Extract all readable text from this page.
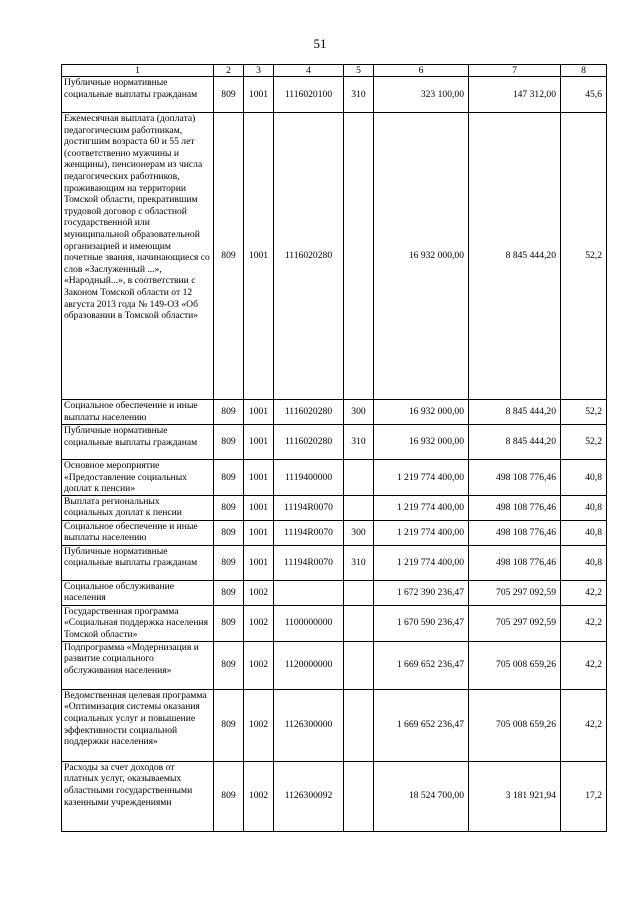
51
1	2	3	4	5	6	7	8
Публичные нормативные социальные выплаты гражданам	809	1001	1116020100	310	323 100,00	147 312,00	45,6
Ежемесячная выплата (доплата) педагогическим работникам, достигшим возраста 60 и 55 лет (соответственно мужчины и женщины), пенсионерам из числа педагогических работников, проживающим на территории Томской области, прекратившим трудовой договор с областной государственной или муниципальной образовательной организацией и имеющим почетные звания, начинающиеся со слов «Заслуженный ...», «Народный...», в соответствии с Законом Томской области от 12 августа 2013 года № 149-ОЗ «Об образовании в Томской области»	809	1001	1116020280		16 932 000,00	8 845 444,20	52,2
Социальное обеспечение и иные выплаты населению	809	1001	1116020280	300	16 932 000,00	8 845 444,20	52,2
Публичные нормативные социальные выплаты гражданам	809	1001	1116020280	310	16 932 000,00	8 845 444,20	52,2
Основное мероприятие «Предоставление социальных доплат к пенсии»	809	1001	1119400000		1 219 774 400,00	498 108 776,46	40,8
Выплата региональных социальных доплат к пенсии	809	1001	11194R0070		1 219 774 400,00	498 108 776,46	40,8
Социальное обеспечение и иные выплаты населению	809	1001	11194R0070	300	1 219 774 400,00	498 108 776,46	40,8
Публичные нормативные социальные выплаты гражданам	809	1001	11194R0070	310	1 219 774 400,00	498 108 776,46	40,8
Социальное обслуживание населения	809	1002			1 672 390 236,47	705 297 092,59	42,2
Государственная программа «Социальная поддержка населения Томской области»	809	1002	1100000000		1 670 590 236,47	705 297 092,59	42,2
Подпрограмма «Модернизация и развитие социального обслуживания населения»	809	1002	1120000000		1 669 652 236,47	705 008 659,26	42,2
Ведомственная целевая программа «Оптимизация системы оказания социальных услуг и повышение эффективности социальной поддержки населения»	809	1002	1126300000		1 669 652 236,47	705 008 659,26	42,2
Расходы за счет доходов от платных услуг, оказываемых областными государственными казенными учреждениями	809	1002	1126300092		18 524 700,00	3 181 921,94	17,2
